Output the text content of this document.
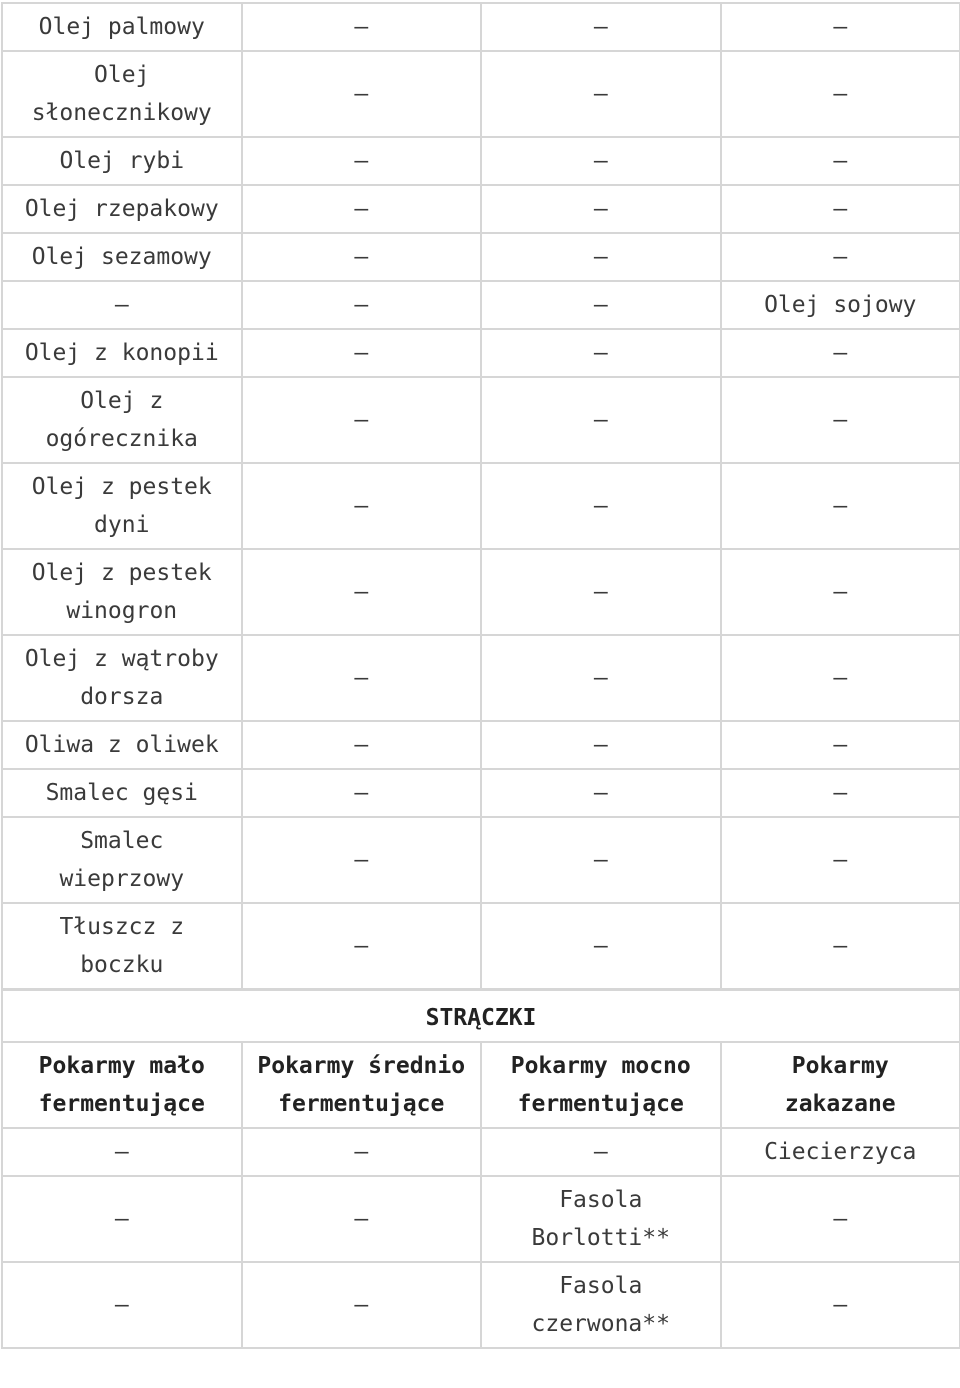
Olej palmowy	—	—	—
Olej słonecznikowy	—	—	—
Olej rybi	—	—	—
Olej rzepakowy	—	—	—
Olej sezamowy	—	—	—
—	—	—	Olej sojowy
Olej z konopii	—	—	—
Olej z ogórecznika	—	—	—
Olej z pestek dyni	—	—	—
Olej z pestek winogron	—	—	—
Olej z wątroby dorsza	—	—	—
Oliwa z oliwek	—	—	—
Smalec gęsi	—	—	—
Smalec wieprzowy	—	—	—
Tłuszcz z boczku	—	—	—
STRĄCZKI			
Pokarmy mało fermentujące	Pokarmy średnio fermentujące	Pokarmy mocno fermentujące	Pokarmy zakazane
—	—	—	Ciecierzyca
—	—	Fasola Borlotti**	—
—	—	Fasola czerwona**	—
